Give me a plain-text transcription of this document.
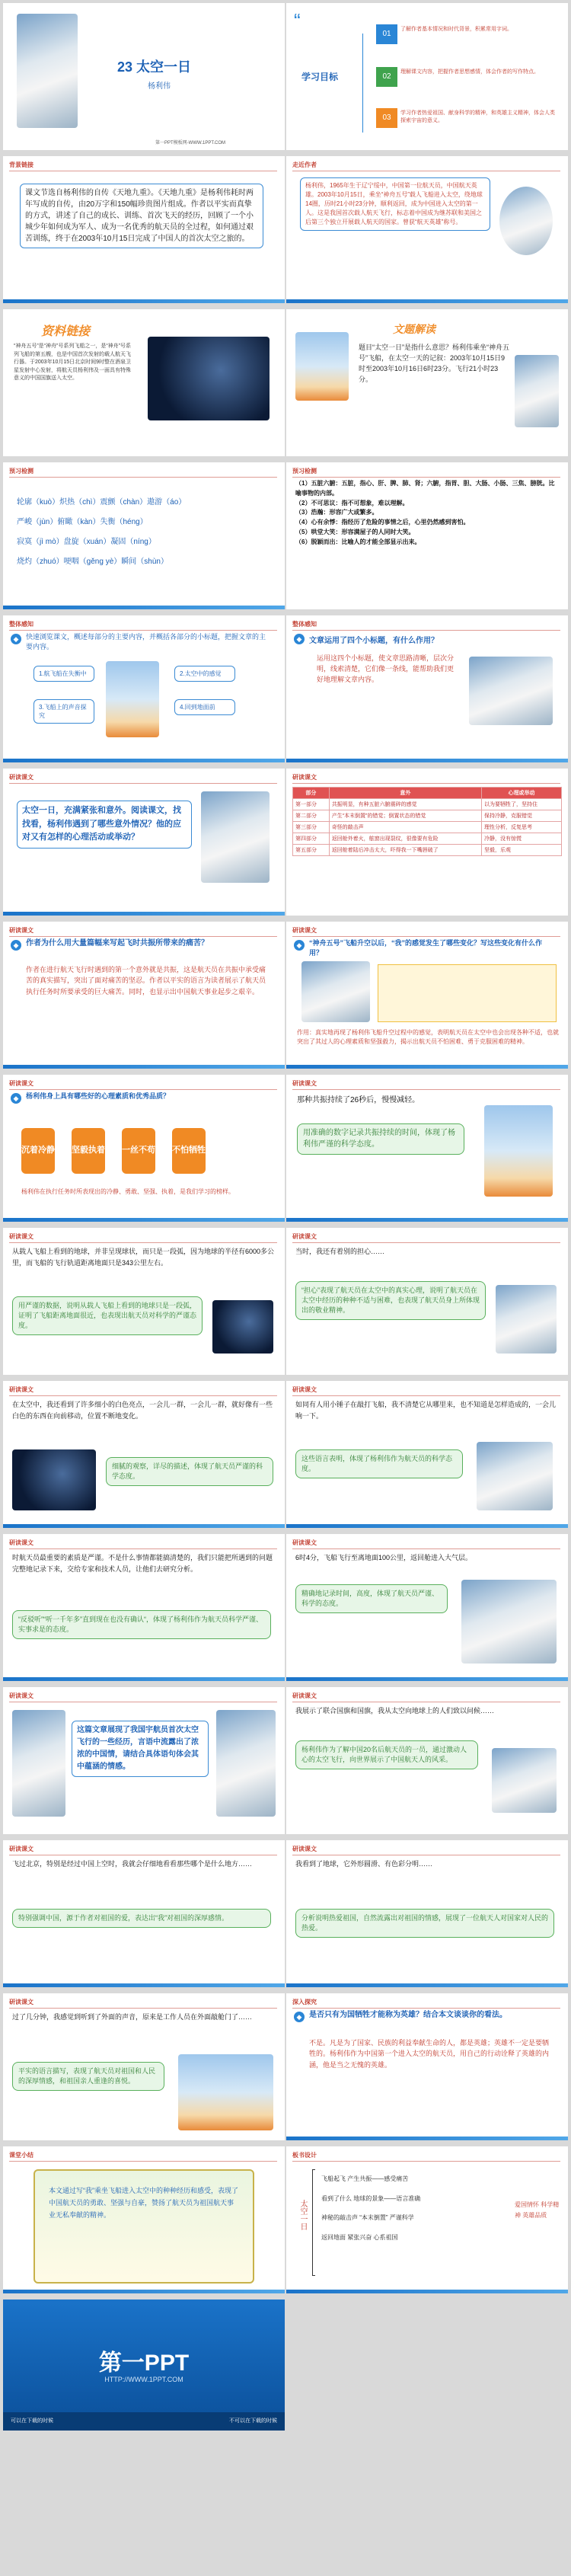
23 太空一日
杨利伟
第一PPT模板网-WWW.1PPT.COM
“
学习目标
01
了解作者基本情况和时代背景，积累常用字词。
02
理解课文内容，把握作者思想感情，体会作者的写作特点。
03
学习作者热爱祖国、献身科学的精神，和英雄主义精神，体会人类探索宇宙的意义。
背景链接
课文节选自杨利伟的自传《天地九重》。《天地九重》是杨利伟耗时两年写成的自传，由20万字和150幅珍贵图片组成。作者以平实而真挚的方式，讲述了自己的成长、训练、首次飞天的经历，回顾了一个小城少年如何成为军人、成为一名优秀的航天员的全过程，如何通过艰苦训练，终于在2003年10月15日完成了中国人的首次太空之旅的。
走近作者
杨利伟，1965年生于辽宁绥中，中国第一位航天员，中国航天英雄。2003年10月15日，乘坐“神舟五号”载人飞船进入太空，绕地球14圈，历时21小时23分钟，顺利返回，成为中国进入太空的第一人。这是我国首次载人航天飞行，标志着中国成为继苏联和美国之后第三个独立开展载人航天的国家。曾获“航天英雄”称号。
资料链接
“神舟五号”是“神舟”号系列飞船之一，是“神舟”号系列飞船的第五艘，也是中国首次发射的载人航天飞行器。于2003年10月15日北京时间9时整在酒泉卫星发射中心发射，将航天员杨利伟及一面具有特殊意义的中国国旗送入太空。
文题解读
题目“太空一日”是指什么意思？杨利伟乘坐“神舟五号”飞船，在太空一天的记叙：2003年10月15日9时至2003年10月16日6时23分。飞行21小时23分。
预习检测
轮廓（kuò）炽热（chì）震颤（chàn）遨游（áo）
严峻（jùn）俯瞰（kàn）失衡（héng）
寂寞（jì mò）盘旋（xuán）凝固（níng）
烧灼（zhuó）哽咽（gěng yè）瞬间（shùn）
预习检测
（1）五脏六腑：五脏，指心、肝、脾、肺、肾；六腑，指胃、胆、大肠、小肠、三焦、膀胱。比喻事物的内部。
（2）不可思议：指不可想象，难以理解。
（3）浩瀚：形容广大或繁多。
（4）心有余悸：指经历了危险的事情之后，心里仍然感到害怕。
（5）哄堂大笑：形容满屋子的人同时大笑。
（6）脱颖而出：比喻人的才能全部显示出来。
整体感知
◆	快速浏览课文，概述每部分的主要内容，并概括各部分的小标题，把握文章的主要内容。
1.航飞船在失衡中
3.飞船上的声音探究
2.太空中的感觉
4.回到地面前
整体感知
◆ 文章运用了四个小标题，有什么作用？
运用这四个小标题，使文章思路清晰，层次分明，线索清楚，它们像一条线，能帮助我们更好地理解文章内容。
研读课文
太空一日，充满紧张和意外。阅读课文，找找看，杨利伟遇到了哪些意外情况？他的应对又有怎样的心理活动或举动？
研读课文
部分	意外	心理或举动
第一部分	共振明显，有种五脏六腑震碎的感觉	以为要牺牲了，坚持住
第二部分	产生“本末倒置”的错觉；倒置状态的错觉	保持冷静，克服错觉
第三部分	奇怪的敲击声	理性分析，反复思考
第四部分	返回舱外着火，舷窗出现裂纹，很像要有危险	冷静，没有惊慌
第五部分	返回舱着陆后冲击太大，吓得我一下嘴唇破了	坚毅，乐观
研读课文
◆ 作者为什么用大量篇幅来写起飞时共振所带来的痛苦？
作者在进行航天飞行时遇到的第一个意外就是共振，这是航天员在共振中承受痛苦的真实描写，突出了面对痛苦的坚忍。作者以平实的语言为读者展示了航天员执行任务时所要承受的巨大痛苦。同时，也显示出中国航天事业起步之艰辛。
研读课文
◆	“神舟五号”飞船升空以后，“我”的感觉发生了哪些变化？写这些变化有什么作用？
作用：真实地再现了杨利伟飞船升空过程中的感觉，表明航天员在太空中也会出现各种不适，也就突出了其过人的心理素质和坚强毅力，揭示出航天员不怕困难、勇于克服困难的精神。
研读课文
◆	杨利伟身上具有哪些好的心理素质和优秀品质？
沉着冷静 坚毅执着 一丝不苟 不怕牺牲
杨利伟在执行任务时所表现出的冷静、勇敢、坚强、执着，是我们学习的榜样。
研读课文
那种共振持续了26秒后，慢慢减轻。
用准确的数字记录共振持续的时间，体现了杨利伟严谨的科学态度。
研读课文
从载人飞船上看到的地球，并非呈现球状，而只是一段弧，因为地球的半径有6000多公里，而飞船的飞行轨道距离地面只是343公里左右。
用严谨的数据，说明从载人飞船上看到的地球只是一段弧，证明了飞船距离地面很近，也表现出航天员对科学的严谨态度。
研读课文
当时，我还有着别的担心……
“担心”表现了航天员在太空中的真实心理，说明了航天员在太空中经历的种种不适与困难，也表现了航天员身上所体现出的敬业精神。
研读课文
在太空中，我还看到了许多细小的白色亮点，一会儿一群，一会儿一群，就好像有一些白色的东西在向前移动，位置不断地变化。
细腻的观察，详尽的描述，体现了航天员严谨的科学态度。
研读课文
如同有人用小锤子在敲打飞船，我不清楚它从哪里来，也不知道是怎样造成的，一会儿响一下。
这些语言表明，体现了杨利伟作为航天员的科学态度。
研读课文
时航天员最重要的素质是严谨。不是什么事情都能搞清楚的，我们只能把所遇到的问题完整地记录下来，交给专家和技术人员，让他们去研究分析。
“反驳听”“听一千年多”直到现在也没有确认“，体现了杨利伟作为航天员科学严谨、实事求是的态度。
研读课文
6时4分，飞船飞行至离地面100公里，返回舱进入大气层。
精确地记录时间，高度，体现了航天员严谨、科学的态度。
研读课文
这篇文章展现了我国宇航员首次太空飞行的一些经历，言语中流露出了浓浓的中国情，请结合具体语句体会其中蕴涵的情感。
研读课文
我展示了联合国旗和国旗，我从太空向地球上的人们致以问候……
杨利伟作为了解中国20名后航天员的一员，通过激动人心的太空飞行，向世界展示了中国航天人的风采。
研读课文
飞过北京，特别是经过中国上空时，我就会仔细地看看那些哪个是什么地方……
特别强调中国，源于作者对祖国的爱，表达出“我”对祖国的深厚感情。
研读课文
我看到了地球，它外形圆滑、有色彩分明……
分析说明热爱祖国，自然流露出对祖国的情感，展现了一位航天人对国家对人民的热爱。
研读课文
过了几分钟，我感觉到听到了外面的声音，原来是工作人员在外面敲舱门了……
平实的语言描写，表现了航天员对祖国和人民的深厚情感，和祖国亲人重逢的喜悦。
深入探究
◆ 是否只有为国牺牲才能称为英雄？结合本文谈谈你的看法。
不是。凡是为了国家、民族的利益奉献生命的人，都是英雄；英雄不一定是要牺牲的。杨利伟作为中国第一个进入太空的航天员，用自己的行动诠释了英雄的内涵，他是当之无愧的英雄。
课堂小结
本文通过写“我”乘坐飞船进入太空中的种种经历和感受，表现了中国航天员的勇敢、坚强与自豪，赞扬了航天员为祖国航天事业无私奉献的精神。
板书设计
太空一日
飞船起飞 产生共振——感受痛苦
看到了什么 地球的景象——语言准确
神秘的敲击声 “本末倒置” 严谨科学
返回地面 紧张兴奋 心系祖国
爱国情怀 科学精神 英雄品质
第一PPT
HTTP://WWW.1PPT.COM
可以在下载的时候	不可以在下载的时候
